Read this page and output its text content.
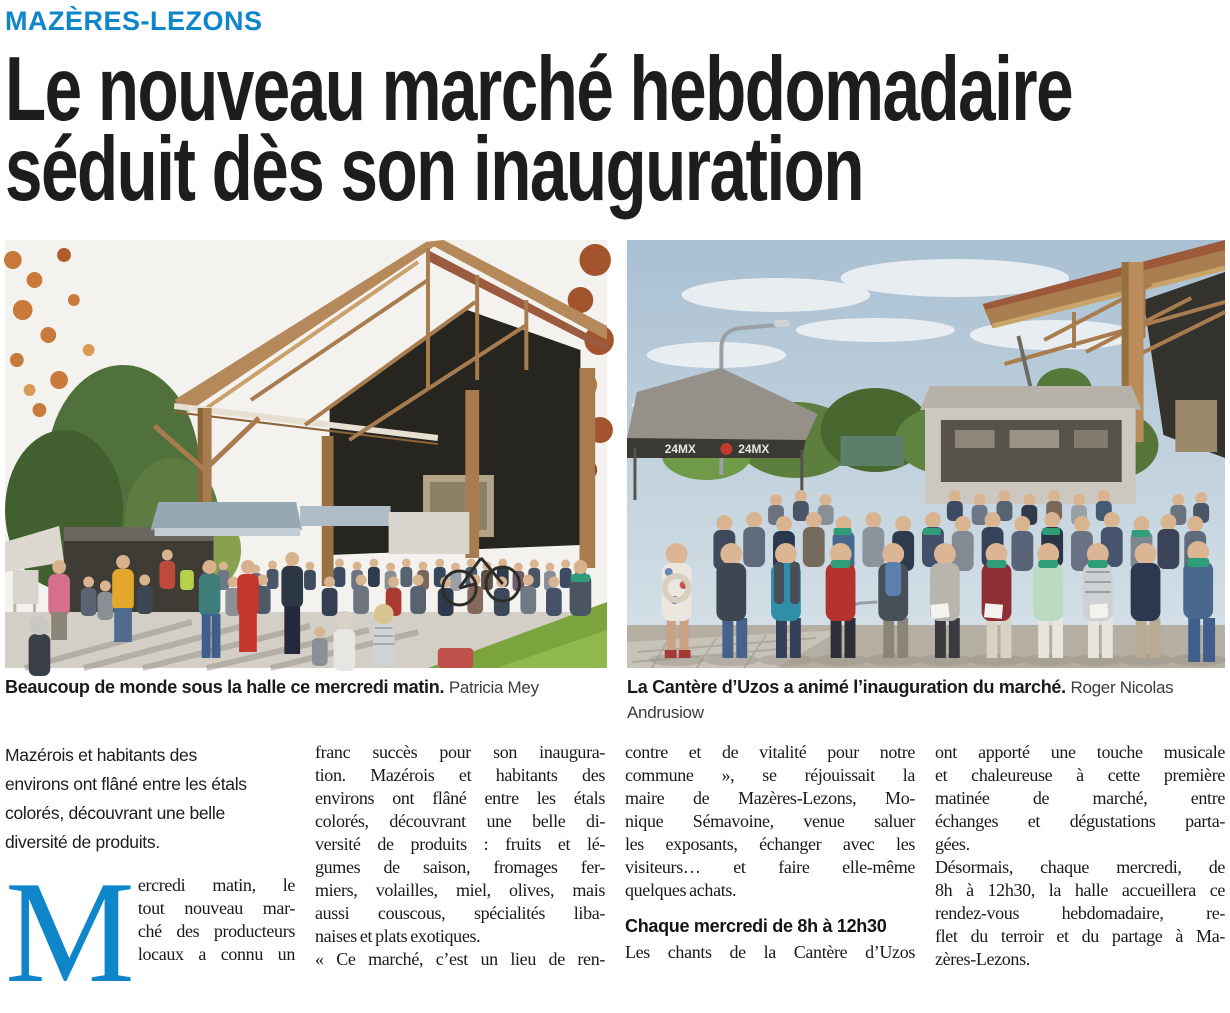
MAZÈRES-LEZONS
Le nouveau marché hebdomadaire
séduit dès son inauguration
24MX	24MX
Beaucoup de monde sous la halle ce mercredi matin. Patricia Mey	La Cantère d’Uzos a animé l’inauguration du marché. Roger Nicolas Andrusiow
Mazérois et habitants des
environs ont flâné entre les étals
colorés, découvrant une belle
diversité de produits.
M ercredi matin, le
tout nouveau mar-
ché des producteurs
locaux a connu un
franc succès pour son inaugura-
tion. Mazérois et habitants des
environs ont flâné entre les étals
colorés, découvrant une belle di-
versité de produits : fruits et lé-
gumes de saison, fromages fer-
miers, volailles, miel, olives, mais
aussi couscous, spécialités liba-
naises et plats exotiques.
« Ce marché, c’est un lieu de ren-
contre et de vitalité pour notre
commune », se réjouissait la
maire de Mazères-Lezons, Mo-
nique Sémavoine, venue saluer
les exposants, échanger avec les
visiteurs… et faire elle-même
quelques achats.
Chaque mercredi de 8h à 12h30
Les chants de la Cantère d’Uzos
ont apporté une touche musicale
et chaleureuse à cette première
matinée de marché, entre
échanges et dégustations parta-
gées.
Désormais, chaque mercredi, de
8h à 12h30, la halle accueillera ce
rendez-vous hebdomadaire, re-
flet du terroir et du partage à Ma-
zères-Lezons.
